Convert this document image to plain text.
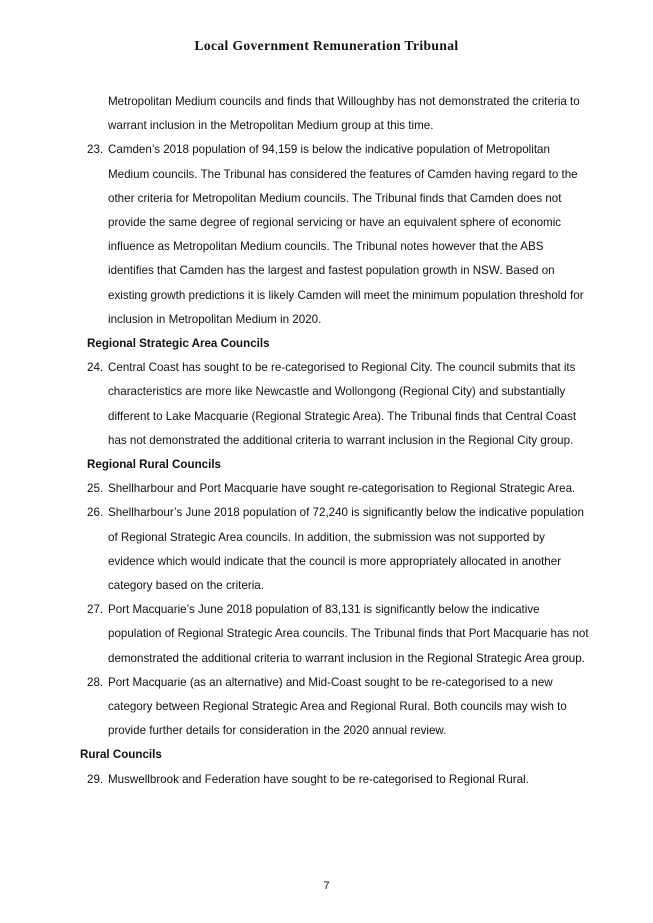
Local Government Remuneration Tribunal

Metropolitan Medium councils and finds that Willoughby has not demonstrated the criteria to warrant inclusion in the Metropolitan Medium group at this time.

23. Camden’s 2018 population of 94,159 is below the indicative population of Metropolitan Medium councils. The Tribunal has considered the features of Camden having regard to the other criteria for Metropolitan Medium councils. The Tribunal finds that Camden does not provide the same degree of regional servicing or have an equivalent sphere of economic influence as Metropolitan Medium councils. The Tribunal notes however that the ABS identifies that Camden has the largest and fastest population growth in NSW. Based on existing growth predictions it is likely Camden will meet the minimum population threshold for inclusion in Metropolitan Medium in 2020.

Regional Strategic Area Councils

24. Central Coast has sought to be re-categorised to Regional City. The council submits that its characteristics are more like Newcastle and Wollongong (Regional City) and substantially different to Lake Macquarie (Regional Strategic Area). The Tribunal finds that Central Coast has not demonstrated the additional criteria to warrant inclusion in the Regional City group.

Regional Rural Councils

25. Shellharbour and Port Macquarie have sought re-categorisation to Regional Strategic Area.

26. Shellharbour’s June 2018 population of 72,240 is significantly below the indicative population of Regional Strategic Area councils. In addition, the submission was not supported by evidence which would indicate that the council is more appropriately allocated in another category based on the criteria.

27. Port Macquarie’s June 2018 population of 83,131 is significantly below the indicative population of Regional Strategic Area councils. The Tribunal finds that Port Macquarie has not demonstrated the additional criteria to warrant inclusion in the Regional Strategic Area group.

28. Port Macquarie (as an alternative) and Mid-Coast sought to be re-categorised to a new category between Regional Strategic Area and Regional Rural. Both councils may wish to provide further details for consideration in the 2020 annual review.

Rural Councils

29. Muswellbrook and Federation have sought to be re-categorised to Regional Rural.

7
